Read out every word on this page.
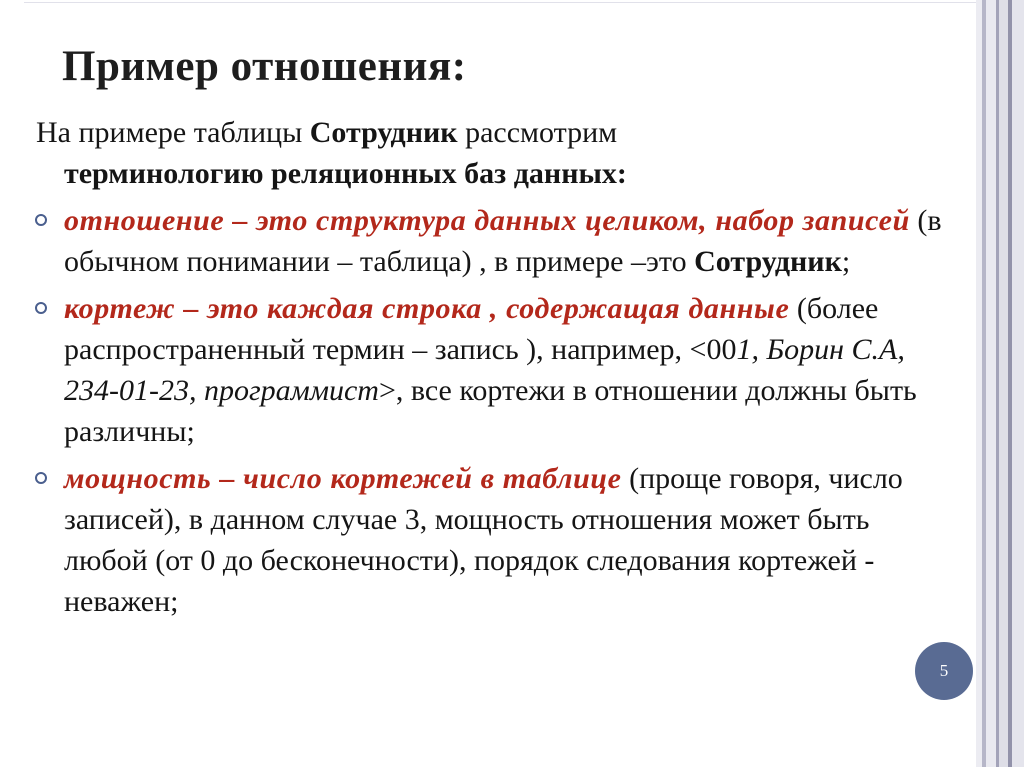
Пример отношения:
На примере таблицы Сотрудник рассмотрим
терминологию реляционных баз данных:
отношение – это структура данных целиком, набор записей (в обычном понимании – таблица) , в примере –это Сотрудник;
кортеж – это каждая строка , содержащая данные (более распространенный термин – запись ), например, <001, Борин С.А, 234-01-23, программист>, все кортежи в отношении должны быть различны;
мощность – число кортежей в таблице (проще говоря, число записей), в данном случае 3, мощность отношения может быть любой (от 0 до бесконечности), порядок следования кортежей - неважен;
5
